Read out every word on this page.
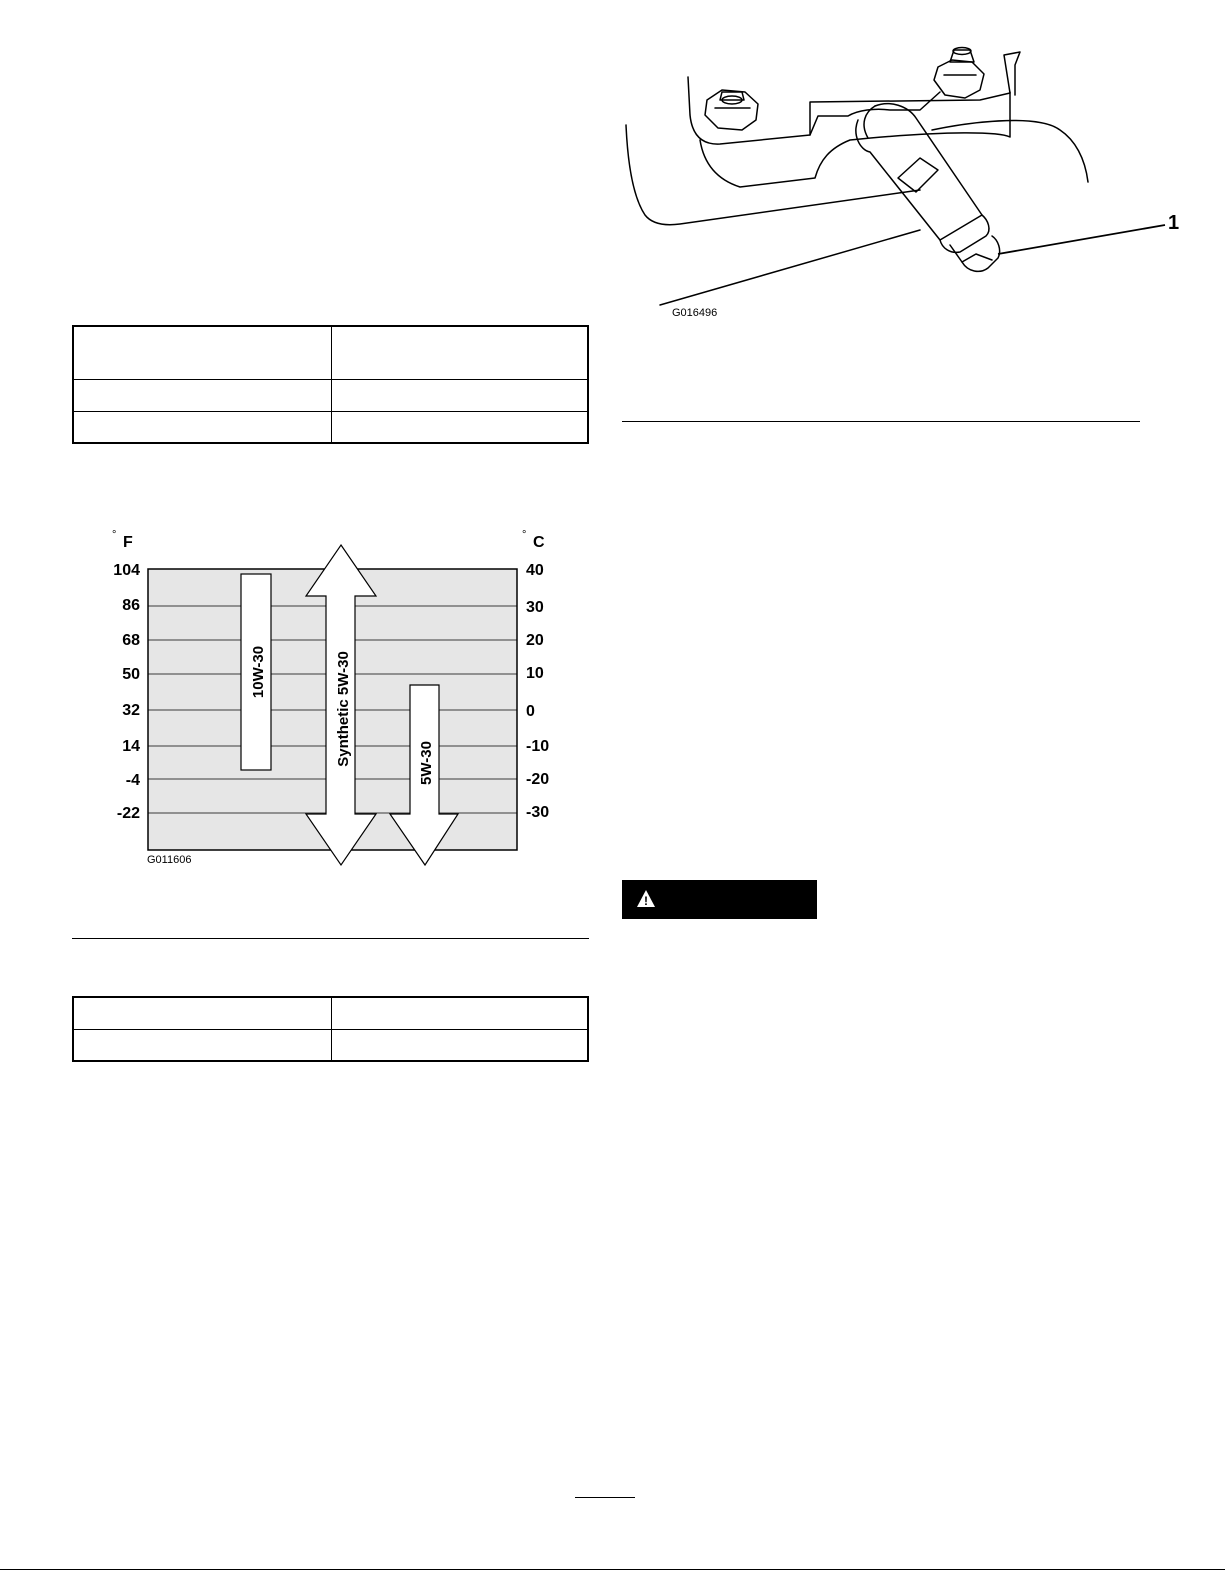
° F	° C
104
86
68
50
32
14
-4
-22
40
30
20
10
0
-10
-20
-30
10W-30	Synthetic 5W-30	5W-30
G011606

1
G016496
!
